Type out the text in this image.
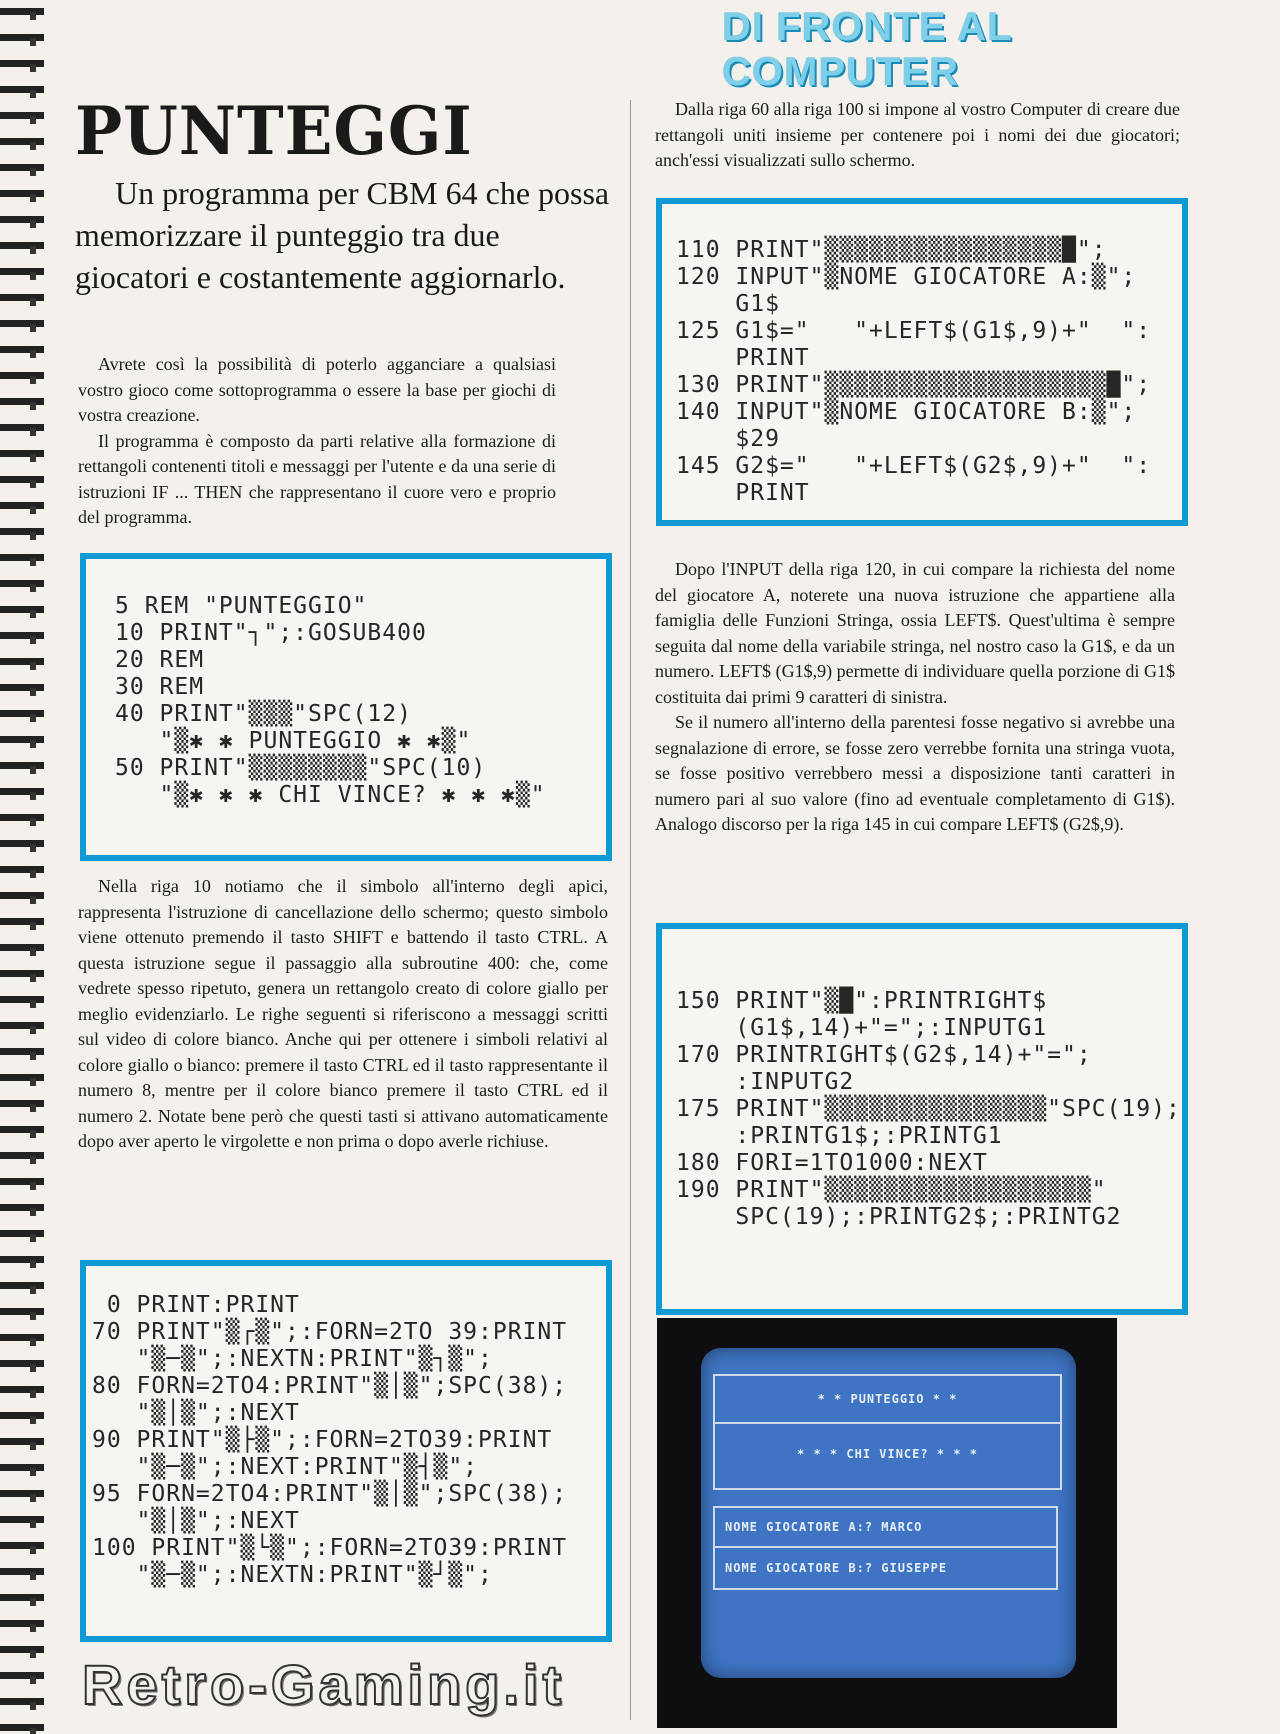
DI FRONTE AL COMPUTER
PUNTEGGI
Un programma per CBM 64 che possa memorizzare il punteggio tra due giocatori e costantemente aggiornarlo.

Avrete così la possibilità di poterlo agganciare a qualsiasi vostro gioco come sottoprogramma o essere la base per giochi di vostra creazione.

Il programma è composto da parti relative alla formazione di rettangoli contenenti titoli e messaggi per l'utente e da una serie di istruzioni IF ... THEN che rappresentano il cuore vero e proprio del programma.

5 REM "PUNTEGGIO"
10 PRINT"┐";:GOSUB400
20 REM
30 REM
40 PRINT"▒▒▒"SPC(12)
"▒✱ ✱ PUNTEGGIO ✱ ✱▒"
50 PRINT"▒▒▒▒▒▒▒▒"SPC(10)
"▒✱ ✱ ✱ CHI VINCE? ✱ ✱ ✱▒"

Nella riga 10 notiamo che il simbolo all'interno degli apici, rappresenta l'istruzione di cancellazione dello schermo; questo simbolo viene ottenuto premendo il tasto SHIFT e battendo il tasto CTRL. A questa istruzione segue il passaggio alla subroutine 400: che, come vedrete spesso ripetuto, genera un rettangolo creato di colore giallo per meglio evidenziarlo. Le righe seguenti si riferiscono a messaggi scritti sul video di colore bianco. Anche qui per ottenere i simboli relativi al colore giallo o bianco: premere il tasto CTRL ed il tasto rappresentante il numero 8, mentre per il colore bianco premere il tasto CTRL ed il numero 2. Notate bene però che questi tasti si attivano automaticamente dopo aver aperto le virgolette e non prima o dopo averle richiuse.

0 PRINT:PRINT
70 PRINT"▒┌▒";:FORN=2TO 39:PRINT
"▒─▒";:NEXTN:PRINT"▒┐▒";
80 FORN=2TO4:PRINT"▒│▒";SPC(38);
"▒│▒";:NEXT
90 PRINT"▒├▒";:FORN=2TO39:PRINT
"▒─▒";:NEXT:PRINT"▒┤▒";
95 FORN=2TO4:PRINT"▒│▒";SPC(38);
"▒│▒";:NEXT
100 PRINT"▒└▒";:FORN=2TO39:PRINT
"▒─▒";:NEXTN:PRINT"▒┘▒";

Dalla riga 60 alla riga 100 si impone al vostro Computer di creare due rettangoli uniti insieme per contenere poi i nomi dei due giocatori; anch'essi visualizzati sullo schermo.

110 PRINT"▒▒▒▒▒▒▒▒▒▒▒▒▒▒▒▒█";
120 INPUT"▒NOME GIOCATORE A:▒";
G1$
125 G1$="   "+LEFT$(G1$,9)+"  ":
PRINT
130 PRINT"▒▒▒▒▒▒▒▒▒▒▒▒▒▒▒▒▒▒▒█";
140 INPUT"▒NOME GIOCATORE B:▒";
$29
145 G2$="   "+LEFT$(G2$,9)+"  ":
PRINT

Dopo l'INPUT della riga 120, in cui compare la richiesta del nome del giocatore A, noterete una nuova istruzione che appartiene alla famiglia delle Funzioni Stringa, ossia LEFT$. Quest'ultima è sempre seguita dal nome della variabile stringa, nel nostro caso la G1$, e da un numero. LEFT$ (G1$,9) permette di individuare quella porzione di G1$ costituita dai primi 9 caratteri di sinistra.

Se il numero all'interno della parentesi fosse negativo si avrebbe una segnalazione di errore, se fosse zero verrebbe fornita una stringa vuota, se fosse positivo verrebbero messi a disposizione tanti caratteri in numero pari al suo valore (fino ad eventuale completamento di G1$). Analogo discorso per la riga 145 in cui compare LEFT$ (G2$,9).

150 PRINT"▒█":PRINTRIGHT$
(G1$,14)+"=";:INPUTG1
170 PRINTRIGHT$(G2$,14)+"=";
:INPUTG2
175 PRINT"▒▒▒▒▒▒▒▒▒▒▒▒▒▒▒"SPC(19);
:PRINTG1$;:PRINTG1
180 FORI=1TO1000:NEXT
190 PRINT"▒▒▒▒▒▒▒▒▒▒▒▒▒▒▒▒▒▒"
SPC(19);:PRINTG2$;:PRINTG2
* * PUNTEGGIO * *
* * * CHI VINCE? * * *
NOME GIOCATORE A:? MARCO
NOME GIOCATORE B:? GIUSEPPE
Retro-Gaming.it
